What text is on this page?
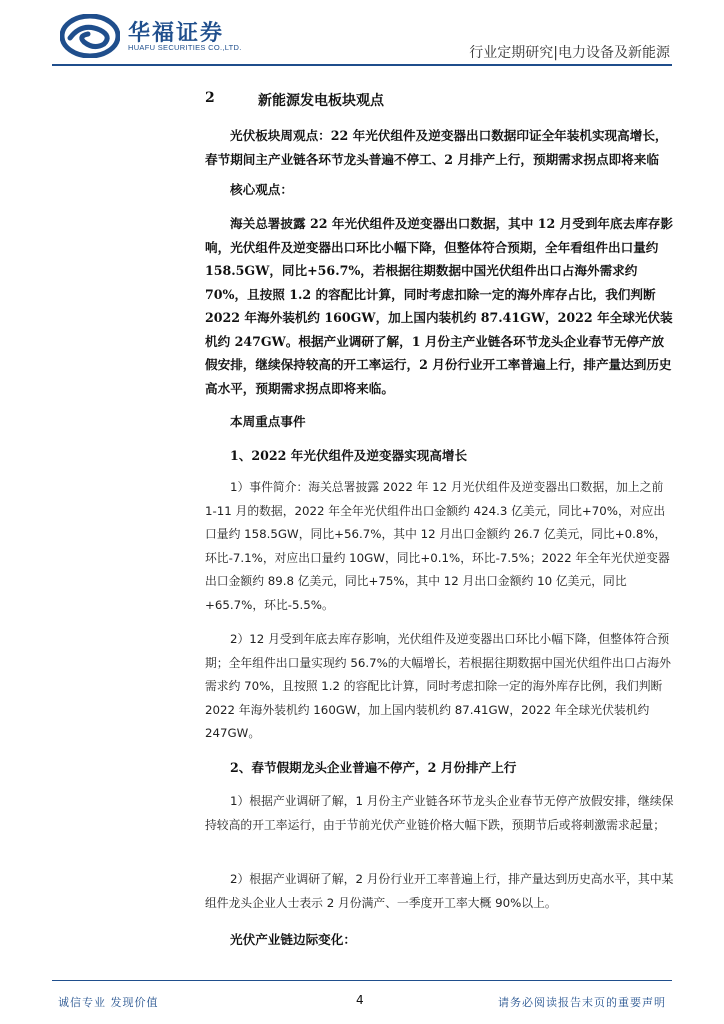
华福证券
HUAFU SECURITIES CO.,LTD.	行业定期研究|电力设备及新能源
2	新能源发电板块观点
光伏板块周观点：22 年光伏组件及逆变器出口数据印证全年装机实现高增长，春节期间主产业链各环节龙头普遍不停工、2 月排产上行，预期需求拐点即将来临
核心观点：
海关总署披露 22 年光伏组件及逆变器出口数据，其中 12 月受到年底去库存影响，光伏组件及逆变器出口环比小幅下降，但整体符合预期，全年看组件出口量约 158.5GW，同比+56.7%，若根据往期数据中国光伏组件出口占海外需求约 70%，且按照 1.2 的容配比计算，同时考虑扣除一定的海外库存占比，我们判断 2022 年海外装机约 160GW，加上国内装机约 87.41GW，2022 年全球光伏装机约 247GW。根据产业调研了解，1 月份主产业链各环节龙头企业春节无停产放假安排，继续保持较高的开工率运行，2 月份行业开工率普遍上行，排产量达到历史高水平，预期需求拐点即将来临。
本周重点事件
1、2022 年光伏组件及逆变器实现高增长
1）事件简介：海关总署披露 2022 年 12 月光伏组件及逆变器出口数据，加上之前 1-11 月的数据，2022 年全年光伏组件出口金额约 424.3 亿美元，同比+70%，对应出口量约 158.5GW，同比+56.7%，其中 12 月出口金额约 26.7 亿美元，同比+0.8%，环比-7.1%，对应出口量约 10GW，同比+0.1%，环比-7.5%；2022 年全年光伏逆变器出口金额约 89.8 亿美元，同比+75%，其中 12 月出口金额约 10 亿美元，同比+65.7%，环比-5.5%。
2）12 月受到年底去库存影响，光伏组件及逆变器出口环比小幅下降，但整体符合预期；全年组件出口量实现约 56.7%的大幅增长，若根据往期数据中国光伏组件出口占海外需求约 70%，且按照 1.2 的容配比计算，同时考虑扣除一定的海外库存比例，我们判断 2022 年海外装机约 160GW，加上国内装机约 87.41GW，2022 年全球光伏装机约 247GW。
2、春节假期龙头企业普遍不停产，2 月份排产上行
1）根据产业调研了解，1 月份主产业链各环节龙头企业春节无停产放假安排，继续保持较高的开工率运行，由于节前光伏产业链价格大幅下跌，预期节后或将刺激需求起量；
2）根据产业调研了解，2 月份行业开工率普遍上行，排产量达到历史高水平，其中某组件龙头企业人士表示 2 月份满产、一季度开工率大概 90%以上。
光伏产业链边际变化：
诚信专业 发现价值	4	请务必阅读报告末页的重要声明
